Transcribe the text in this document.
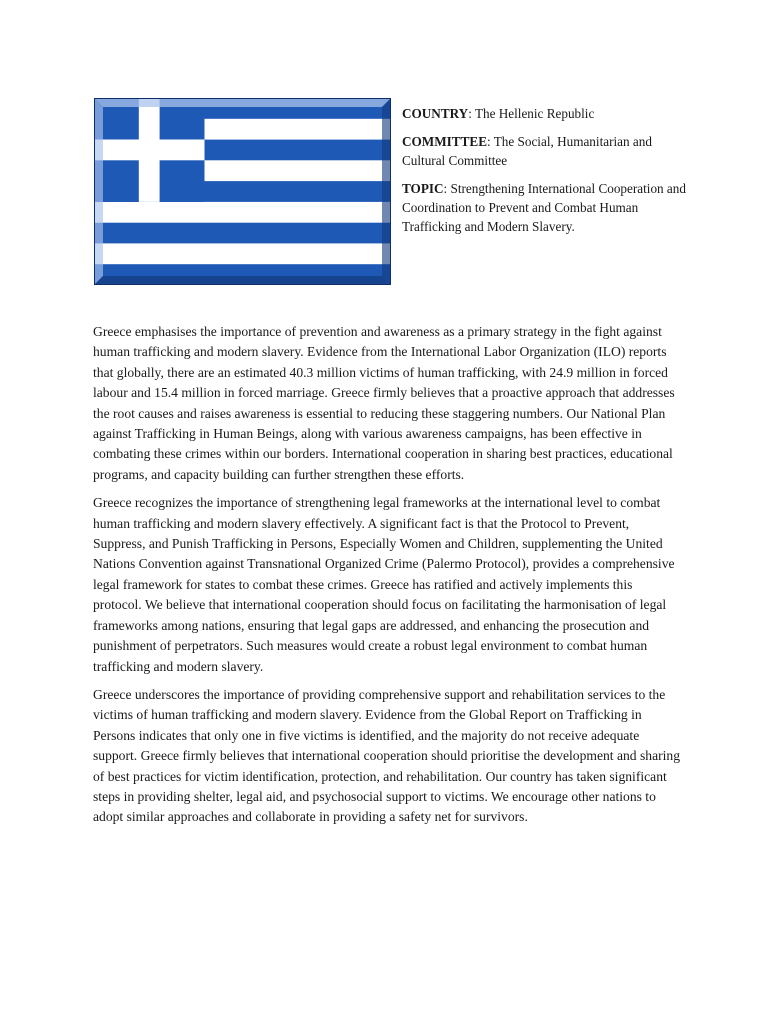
COUNTRY: The Hellenic Republic

COMMITTEE: The Social, Humanitarian and Cultural Committee

TOPIC: Strengthening International Cooperation and Coordination to Prevent and Combat Human Trafficking and Modern Slavery.

Greece emphasises the importance of prevention and awareness as a primary strategy in the fight against human trafficking and modern slavery. Evidence from the International Labor Organization (ILO) reports that globally, there are an estimated 40.3 million victims of human trafficking, with 24.9 million in forced labour and 15.4 million in forced marriage. Greece firmly believes that a proactive approach that addresses the root causes and raises awareness is essential to reducing these staggering numbers. Our National Plan against Trafficking in Human Beings, along with various awareness campaigns, has been effective in combating these crimes within our borders. International cooperation in sharing best practices, educational programs, and capacity building can further strengthen these efforts.

Greece recognizes the importance of strengthening legal frameworks at the international level to combat human trafficking and modern slavery effectively. A significant fact is that the Protocol to Prevent, Suppress, and Punish Trafficking in Persons, Especially Women and Children, supplementing the United Nations Convention against Transnational Organized Crime (Palermo Protocol), provides a comprehensive legal framework for states to combat these crimes. Greece has ratified and actively implements this protocol. We believe that international cooperation should focus on facilitating the harmonisation of legal frameworks among nations, ensuring that legal gaps are addressed, and enhancing the prosecution and punishment of perpetrators. Such measures would create a robust legal environment to combat human trafficking and modern slavery.

Greece underscores the importance of providing comprehensive support and rehabilitation services to the victims of human trafficking and modern slavery. Evidence from the Global Report on Trafficking in Persons indicates that only one in five victims is identified, and the majority do not receive adequate support. Greece firmly believes that international cooperation should prioritise the development and sharing of best practices for victim identification, protection, and rehabilitation. Our country has taken significant steps in providing shelter, legal aid, and psychosocial support to victims. We encourage other nations to adopt similar approaches and collaborate in providing a safety net for survivors.
